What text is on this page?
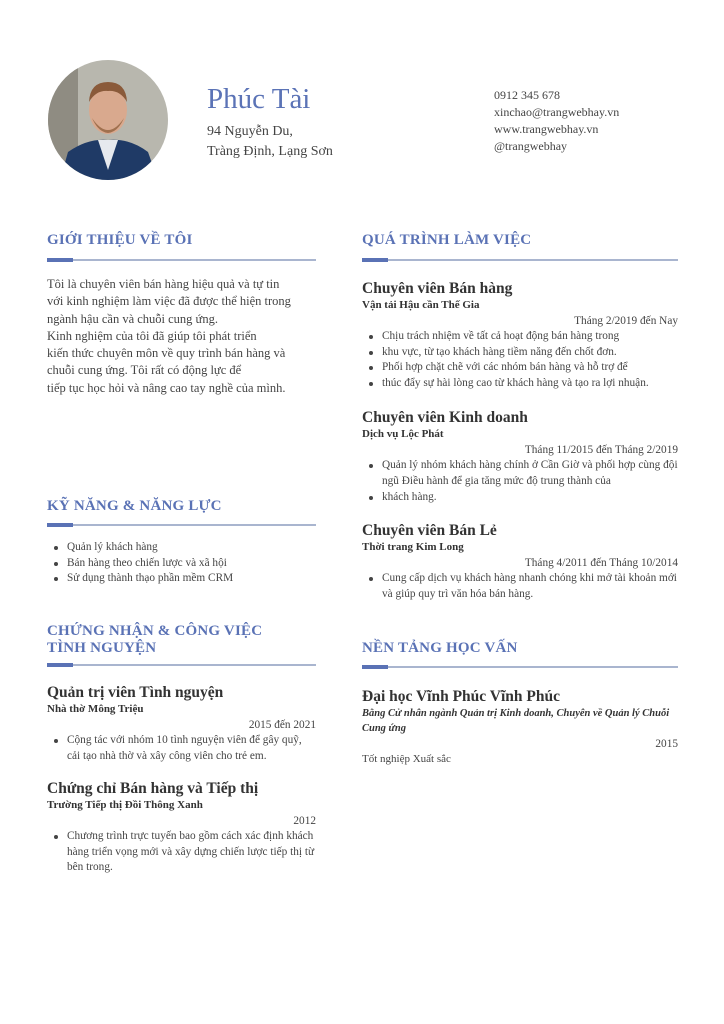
Phúc Tài
94 Nguyễn Du,
Tràng Định, Lạng Sơn
0912 345 678
xinchao@trangwebhay.vn
www.trangwebhay.vn
@trangwebhay
GIỚI THIỆU VỀ TÔI
Tôi là chuyên viên bán hàng hiệu quả và tự tin
với kinh nghiệm làm việc đã được thể hiện trong
ngành hậu cần và chuỗi cung ứng.
Kinh nghiệm của tôi đã giúp tôi phát triển
kiến thức chuyên môn về quy trình bán hàng và
chuỗi cung ứng. Tôi rất có động lực để
tiếp tục học hỏi và nâng cao tay nghề của mình.
KỸ NĂNG & NĂNG LỰC
Quản lý khách hàng
Bán hàng theo chiến lược và xã hội
Sử dụng thành thạo phần mềm CRM
CHỨNG NHẬN & CÔNG VIỆC TÌNH NGUYỆN
Quản trị viên Tình nguyện
Nhà thờ Mông Triệu
2015 đến 2021
Cộng tác với nhóm 10 tình nguyện viên để gây quỹ, cải tạo nhà thờ và xây công viên cho trẻ em.
Chứng chỉ Bán hàng và Tiếp thị
Trường Tiếp thị Đồi Thông Xanh
2012
Chương trình trực tuyến bao gồm cách xác định khách hàng triển vọng mới và xây dựng chiến lược tiếp thị từ bên trong.
QUÁ TRÌNH LÀM VIỆC
Chuyên viên Bán hàng
Vận tải Hậu cần Thế Gia
Tháng 2/2019 đến Nay
Chịu trách nhiệm về tất cả hoạt động bán hàng trong
khu vực, từ tạo khách hàng tiềm năng đến chốt đơn.
Phối hợp chặt chẽ với các nhóm bán hàng và hỗ trợ để
thúc đẩy sự hài lòng cao từ khách hàng và tạo ra lợi nhuận.
Chuyên viên Kinh doanh
Dịch vụ Lộc Phát
Tháng 11/2015 đến Tháng 2/2019
Quản lý nhóm khách hàng chính ở Cần Giờ và phối hợp cùng đội ngũ Điều hành để gia tăng mức độ trung thành của
khách hàng.
Chuyên viên Bán Lẻ
Thời trang Kim Long
Tháng 4/2011 đến Tháng 10/2014
Cung cấp dịch vụ khách hàng nhanh chóng khi mở tài khoản mới và giúp quy trì văn hóa bán hàng.
NỀN TẢNG HỌC VẤN
Đại học Vĩnh Phúc Vĩnh Phúc
Bằng Cử nhân ngành Quản trị Kinh doanh, Chuyên về Quản lý Chuỗi Cung ứng
2015
Tốt nghiệp Xuất sắc
